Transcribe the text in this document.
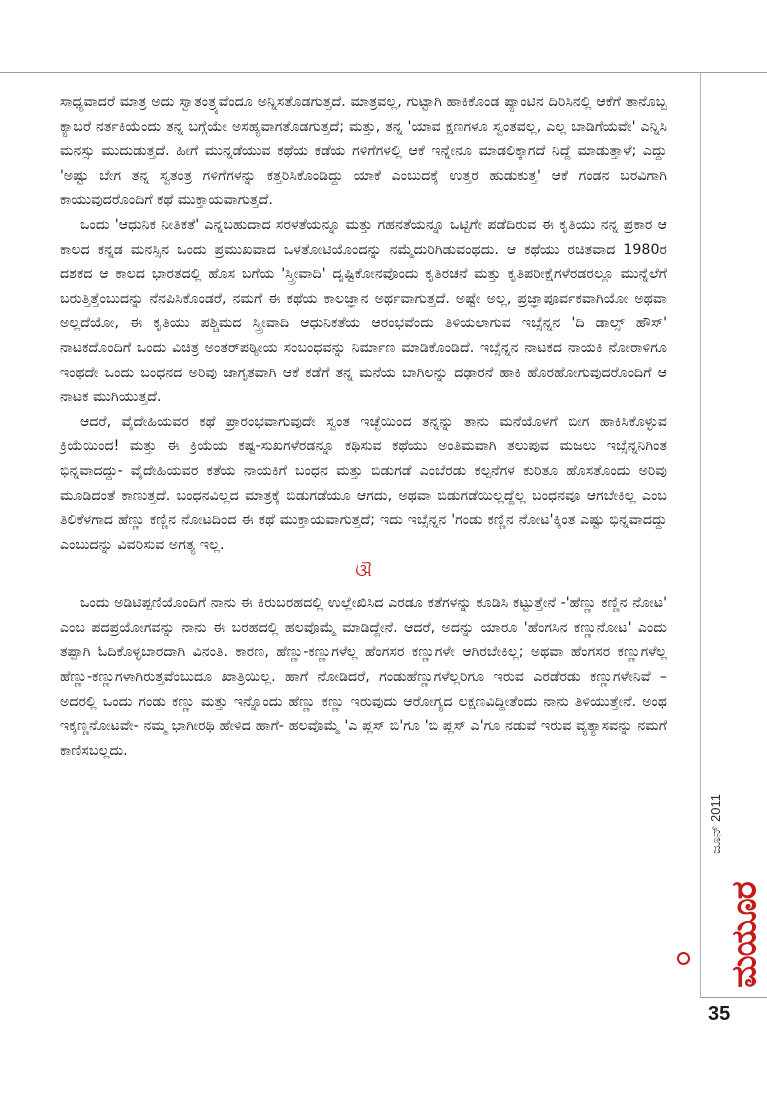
ಸಾಧ್ಯವಾದರೆ ಮಾತ್ರ ಅದು ಸ್ವಾತಂತ್ರ್ಯವೆಂದೂ ಅನ್ನಿಸತೊಡಗುತ್ತದೆ. ಮಾತ್ರವಲ್ಲ, ಗುಟ್ಟಾಗಿ ಹಾಕಿಕೊಂಡ ಪ್ಯಾಂಟಿನ ದಿರಿಸಿನಲ್ಲಿ ಆಕೆಗೆ ತಾನೊಬ್ಬ ಕ್ಯಾಬರೆ ನರ್ತಕಿಯೆಂದು ತನ್ನ ಬಗ್ಗೆಯೇ ಅಸಹ್ಯವಾಗತೊಡಗುತ್ತದೆ; ಮತ್ತು, ತನ್ನ 'ಯಾವ ಕ್ಷಣಗಳೂ ಸ್ವಂತವಲ್ಲ, ಎಲ್ಲ ಬಾಡಿಗೆಯವೇ' ಎನ್ನಿಸಿ ಮನಸ್ಸು ಮುದುಡುತ್ತದೆ. ಹೀಗೆ ಮುನ್ನಡೆಯುವ ಕಥೆಯ ಕಡೆಯ ಗಳಿಗೆಗಳಲ್ಲಿ ಆಕೆ ಇನ್ನೇನೂ ಮಾಡಲಿಕ್ಕಾಗದೆ ನಿದ್ದೆ ಮಾಡುತ್ತಾಳೆ; ಎದ್ದು 'ಅಷ್ಟು ಬೇಗ ತನ್ನ ಸ್ವತಂತ್ರ ಗಳಿಗೆಗಳನ್ನು ಕತ್ತರಿಸಿಕೊಂಡಿದ್ದು ಯಾಕೆ ಎಂಬುದಕ್ಕೆ ಉತ್ತರ ಹುಡುಕುತ್ತ' ಆಕೆ ಗಂಡನ ಬರವಿಗಾಗಿ ಕಾಯುವುದರೊಂದಿಗೆ ಕಥೆ ಮುಕ್ತಾಯವಾಗುತ್ತದೆ.

ಒಂದು 'ಆಧುನಿಕ ನೀತಿಕತೆ' ಎನ್ನಬಹುದಾದ ಸರಳತೆಯನ್ನೂ ಮತ್ತು ಗಹನತೆಯನ್ನೂ ಒಟ್ಟಿಗೇ ಪಡೆದಿರುವ ಈ ಕೃತಿಯು ನನ್ನ ಪ್ರಕಾರ ಆ ಕಾಲದ ಕನ್ನಡ ಮನಸ್ಸಿನ ಒಂದು ಪ್ರಮುಖವಾದ ಒಳತೋಟಿಯೊಂದನ್ನು ನಮ್ಮೆದುರಿಗಿಡುವಂಥದು. ಆ ಕಥೆಯು ರಚಿತವಾದ 1980ರ ದಶಕದ ಆ ಕಾಲದ ಭಾರತದಲ್ಲಿ ಹೊಸ ಬಗೆಯ 'ಸ್ತ್ರೀವಾದಿ' ದೃಷ್ಟಿಕೋನವೊಂದು ಕೃತಿರಚನೆ ಮತ್ತು ಕೃತಿಪರೀಕ್ಷೆಗಳೆರಡರಲ್ಲೂ ಮುನ್ನೆಲೆಗೆ ಬರುತ್ತಿತ್ತೆಂಬುದನ್ನು ನೆನಪಿಸಿಕೊಂಡರೆ, ನಮಗೆ ಈ ಕಥೆಯ ಕಾಲಜ್ಞಾನ ಅರ್ಥವಾಗುತ್ತದೆ. ಅಷ್ಟೇ ಅಲ್ಲ, ಪ್ರಜ್ಞಾಪೂರ್ವಕವಾಗಿಯೋ ಅಥವಾ ಅಲ್ಲದೆಯೋ, ಈ ಕೃತಿಯು ಪಶ್ಚಿಮದ ಸ್ತ್ರೀವಾದಿ ಆಧುನಿಕತೆಯ ಆರಂಭವೆಂದು ತಿಳಿಯಲಾಗುವ ಇಬ್ಸೆನ್ನನ 'ದಿ ಡಾಲ್ಸ್ ಹೌಸ್' ನಾಟಕದೊಂದಿಗೆ ಒಂದು ವಿಚಿತ್ರ ಅಂತರ್‌ಪಠ್ಯೀಯ ಸಂಬಂಧವನ್ನು ನಿರ್ಮಾಣ ಮಾಡಿಕೊಂಡಿದೆ. ಇಬ್ಸೆನ್ನನ ನಾಟಕದ ನಾಯಕಿ ನೋರಾಳಿಗೂ ಇಂಥದೇ ಒಂದು ಬಂಧನದ ಅರಿವು ಜಾಗೃತವಾಗಿ ಆಕೆ ಕಡೆಗೆ ತನ್ನ ಮನೆಯ ಬಾಗಿಲನ್ನು ದಢಾರನೆ ಹಾಕಿ ಹೊರಹೋಗುವುದರೊಂದಿಗೆ ಆ ನಾಟಕ ಮುಗಿಯುತ್ತದೆ.

ಆದರೆ, ವೈದೇಹಿಯವರ ಕಥೆ ಪ್ರಾರಂಭವಾಗುವುದೇ ಸ್ವಂತ ಇಚ್ಛೆಯಿಂದ ತನ್ನನ್ನು ತಾನು ಮನೆಯೊಳಗೆ ಬೀಗ ಹಾಕಿಸಿಕೊಳ್ಳುವ ಕ್ರಿಯೆಯಿಂದ! ಮತ್ತು ಈ ಕ್ರಿಯೆಯ ಕಷ್ಟ-ಸುಖಗಳೆರಡನ್ನೂ ಕಥಿಸುವ ಕಥೆಯು ಅಂತಿಮವಾಗಿ ತಲುಪುವ ಮಜಲು ಇಬ್ಸೆನ್ನನಿಗಿಂತ ಭಿನ್ನವಾದದ್ದು- ವೈದೇಹಿಯವರ ಕತೆಯ ನಾಯಕಿಗೆ ಬಂಧನ ಮತ್ತು ಬಿಡುಗಡೆ ಎಂಬೆರಡು ಕಲ್ಪನೆಗಳ ಕುರಿತೂ ಹೊಸತೊಂದು ಅರಿವು ಮೂಡಿದಂತೆ ಕಾಣುತ್ತದೆ. ಬಂಧನವಿಲ್ಲದ ಮಾತ್ರಕ್ಕೆ ಬಿಡುಗಡೆಯೂ ಆಗದು, ಅಥವಾ ಬಿಡುಗಡೆಯಿಲ್ಲದ್ದೆಲ್ಲ ಬಂಧನವೂ ಆಗಬೇಕಿಲ್ಲ ಎಂಬ ತಿಲಿಕೆಳಗಾದ ಹೆಣ್ಣು ಕಣ್ಣಿನ ನೋಟದಿಂದ ಈ ಕಥೆ ಮುಕ್ತಾಯವಾಗುತ್ತದೆ; ಇದು ಇಬ್ಸೆನ್ನನ 'ಗಂಡು ಕಣ್ಣಿನ ನೋಟ'ಕ್ಕಿಂತ ಎಷ್ಟು ಭಿನ್ನವಾದದ್ದು ಎಂಬುದನ್ನು ವಿವರಿಸುವ ಅಗತ್ಯ ಇಲ್ಲ.

ଔ

ಒಂದು ಅಡಿಟಿಪ್ಪಣಿಯೊಂದಿಗೆ ನಾನು ಈ ಕಿರುಬರಹದಲ್ಲಿ ಉಲ್ಲೇಖಿಸಿದ ಎರಡೂ ಕತೆಗಳನ್ನು ಕೂಡಿಸಿ ಕಟ್ಟುತ್ತೇನೆ -'ಹೆಣ್ಣು ಕಣ್ಣಿನ ನೋಟ' ಎಂಬ ಪದಪ್ರಯೋಗವನ್ನು ನಾನು ಈ ಬರಹದಲ್ಲಿ ಹಲವೊಮ್ಮೆ ಮಾಡಿದ್ದೇನೆ. ಆದರೆ, ಅದನ್ನು ಯಾರೂ 'ಹೆಂಗಸಿನ ಕಣ್ಣುನೋಟ' ಎಂದು ತಪ್ಪಾಗಿ ಓದಿಕೊಳ್ಳಬಾರದಾಗಿ ವಿನಂತಿ. ಕಾರಣ, ಹೆಣ್ಣು-ಕಣ್ಣುಗಳೆಲ್ಲ ಹೆಂಗಸರ ಕಣ್ಣುಗಳೇ ಆಗಿರಬೇಕಿಲ್ಲ; ಅಥವಾ ಹೆಂಗಸರ ಕಣ್ಣುಗಳೆಲ್ಲ ಹೆಣ್ಣು-ಕಣ್ಣುಗಳಾಗಿರುತ್ತವೆಂಬುದೂ ಖಾತ್ರಿಯಿಲ್ಲ. ಹಾಗೆ ನೋಡಿದರೆ, ಗಂಡುಹೆಣ್ಣುಗಳೆಲ್ಲರಿಗೂ ಇರುವ ಎರಡೆರಡು ಕಣ್ಣುಗಳೇನಿವೆ – ಅದರಲ್ಲಿ ಒಂದು ಗಂಡು ಕಣ್ಣು ಮತ್ತು ಇನ್ನೊಂದು ಹೆಣ್ಣು ಕಣ್ಣು ಇರುವುದು ಆರೋಗ್ಯದ ಲಕ್ಷಣವಿದ್ದೀತೆಂದು ನಾನು ತಿಳಿಯುತ್ತೇನೆ. ಅಂಥ ಇಕ್ಕಣ್ಣನೋಟವೇ- ನಮ್ಮ ಭಾಗೀರಥಿ ಹೇಳಿದ ಹಾಗೆ- ಹಲವೊಮ್ಮೆ 'ಎ ಪ್ಲಸ್ ಬಿ'ಗೂ 'ಬಿ ಪ್ಲಸ್ ಎ'ಗೂ ನಡುವೆ ಇರುವ ವ್ಯತ್ಯಾಸವನ್ನು ನಮಗೆ ಕಾಣಿಸಬಲ್ಲದು.

ಜೂನ್ 2011
ಮಯೂರ
35
